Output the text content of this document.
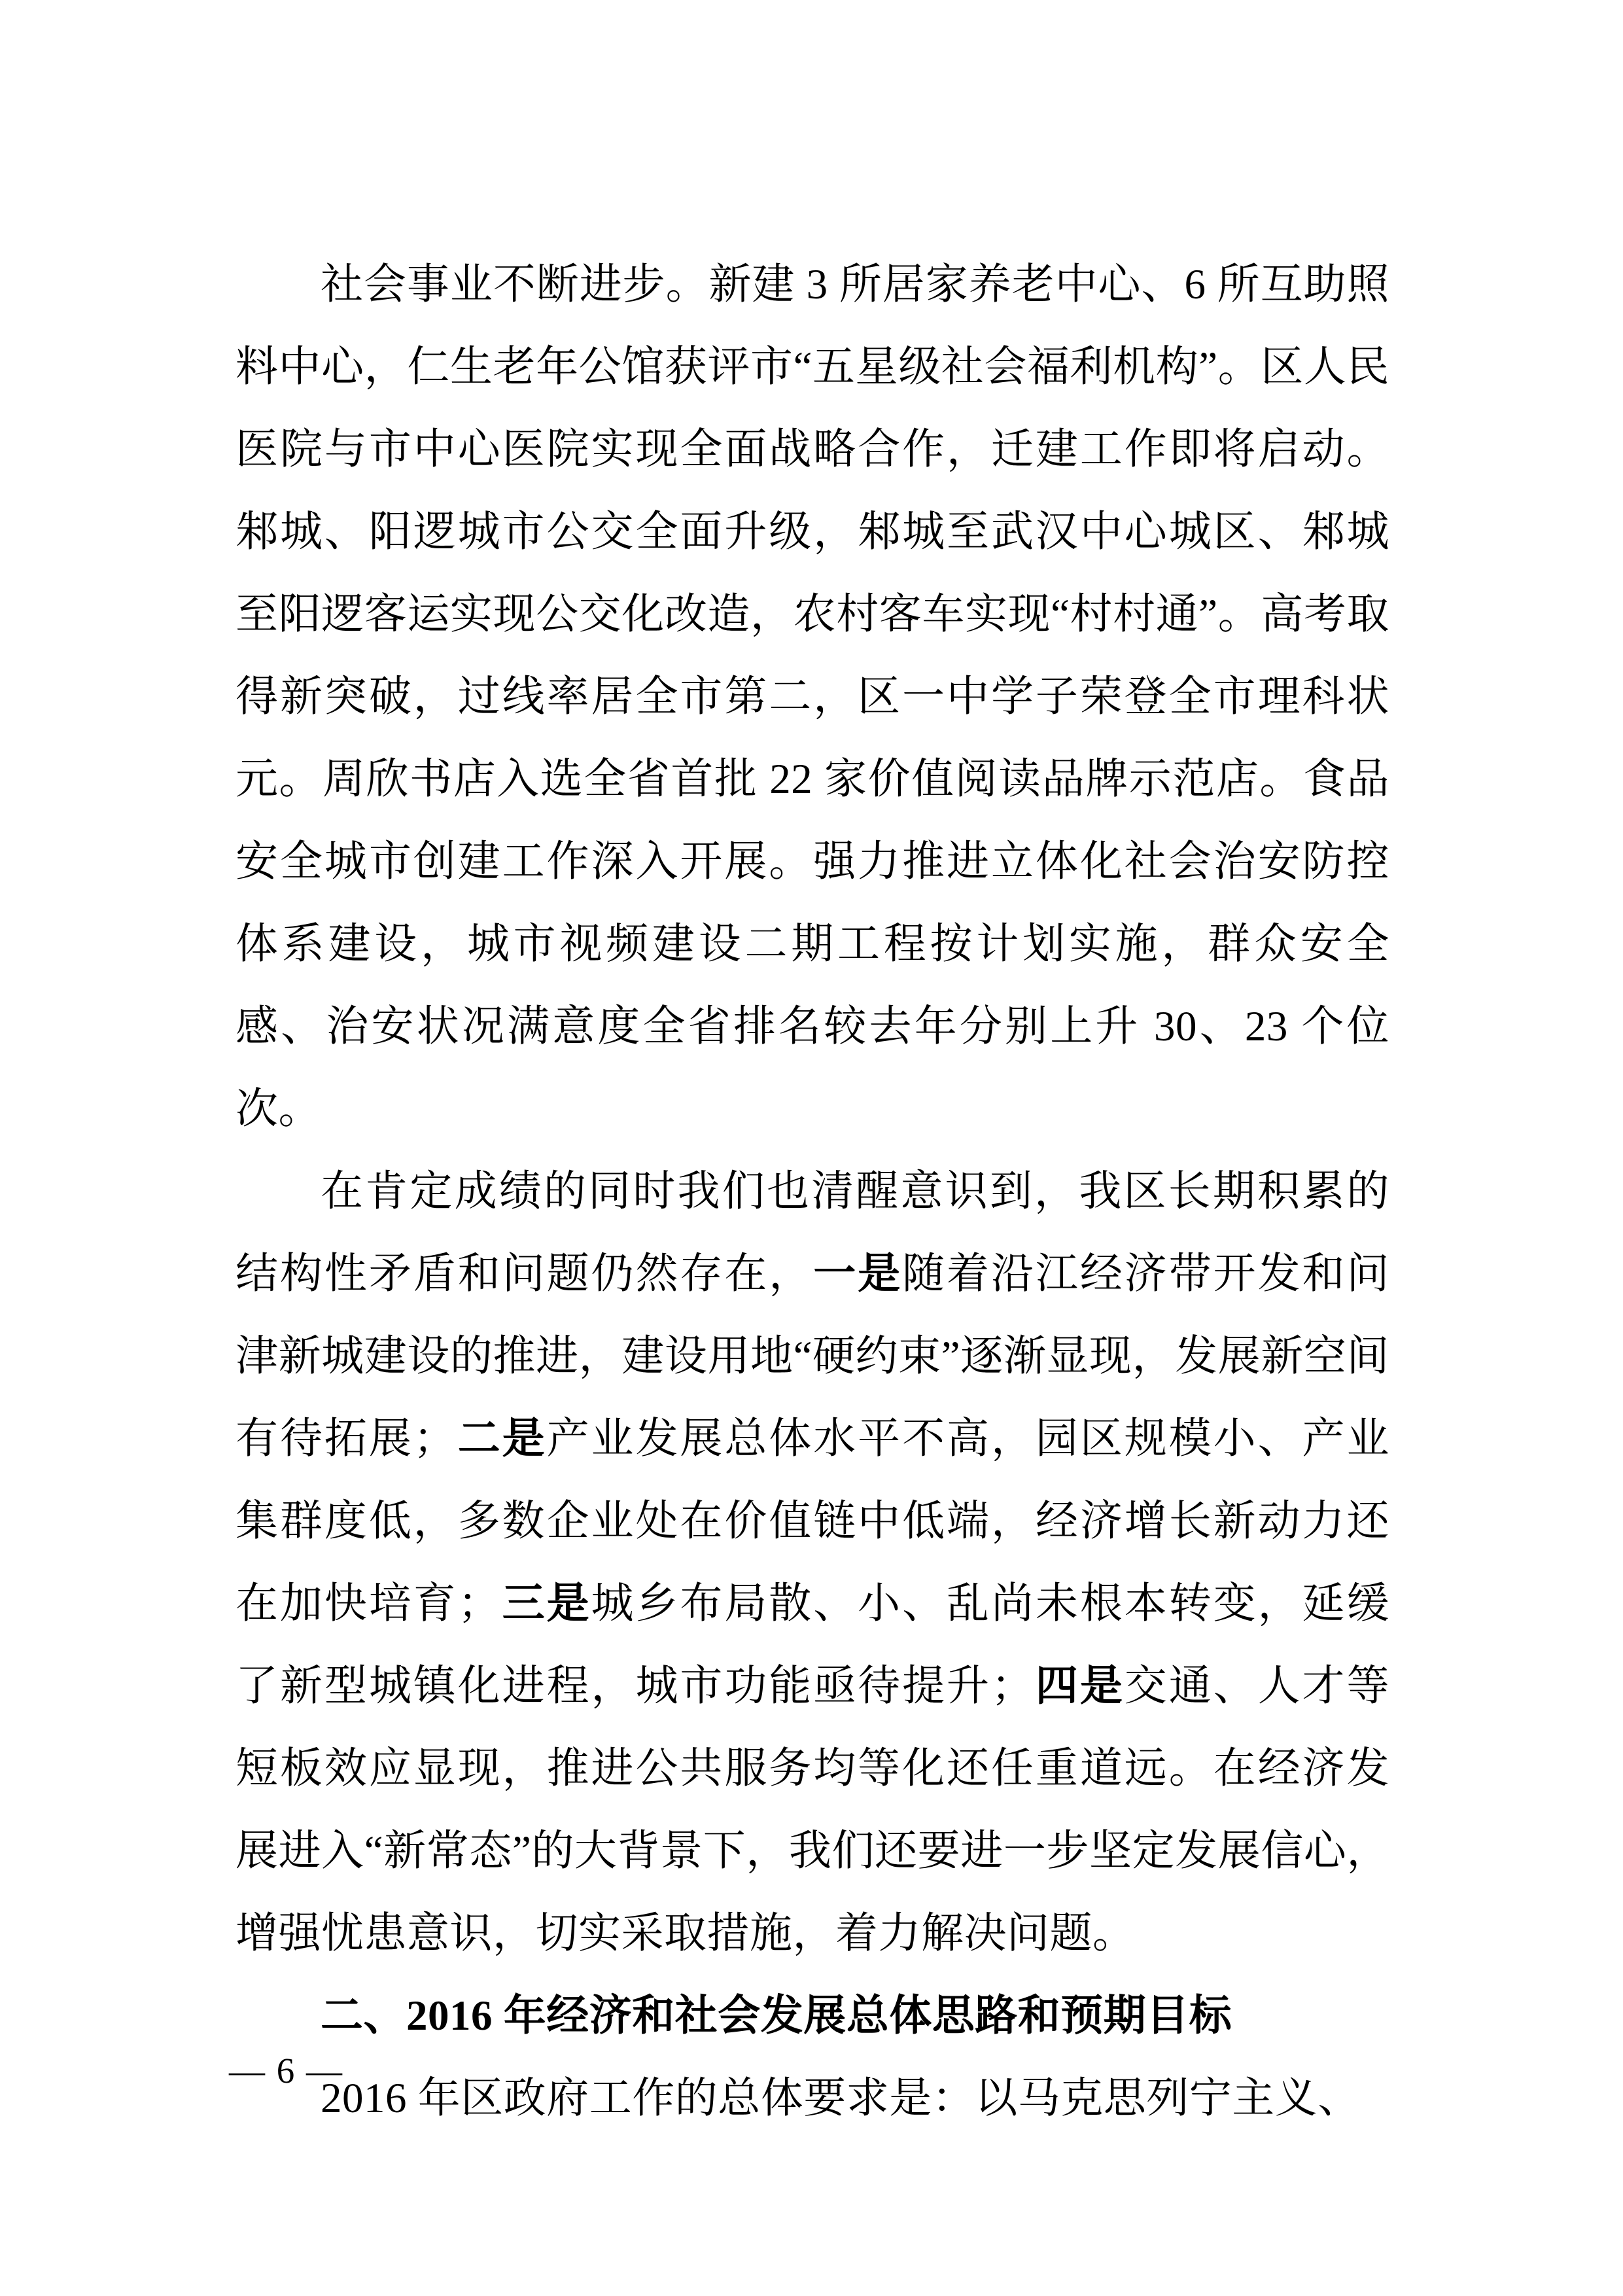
社会事业不断进步。新建 3 所居家养老中心、6 所互助照料中心，仁生老年公馆获评市“五星级社会福利机构”。区人民医院与市中心医院实现全面战略合作，迁建工作即将启动。邾城、阳逻城市公交全面升级，邾城至武汉中心城区、邾城至阳逻客运实现公交化改造，农村客车实现“村村通”。高考取得新突破，过线率居全市第二，区一中学子荣登全市理科状元。周欣书店入选全省首批 22 家价值阅读品牌示范店。食品安全城市创建工作深入开展。强力推进立体化社会治安防控体系建设，城市视频建设二期工程按计划实施，群众安全感、治安状况满意度全省排名较去年分别上升 30、23 个位次。

在肯定成绩的同时我们也清醒意识到，我区长期积累的结构性矛盾和问题仍然存在，一是随着沿江经济带开发和问津新城建设的推进，建设用地“硬约束”逐渐显现，发展新空间有待拓展；二是产业发展总体水平不高，园区规模小、产业集群度低，多数企业处在价值链中低端，经济增长新动力还在加快培育；三是城乡布局散、小、乱尚未根本转变，延缓了新型城镇化进程，城市功能亟待提升；四是交通、人才等短板效应显现，推进公共服务均等化还任重道远。在经济发展进入“新常态”的大背景下，我们还要进一步坚定发展信心，增强忧患意识，切实采取措施，着力解决问题。

二、2016 年经济和社会发展总体思路和预期目标

2016 年区政府工作的总体要求是：以马克思列宁主义、

— 6 —
